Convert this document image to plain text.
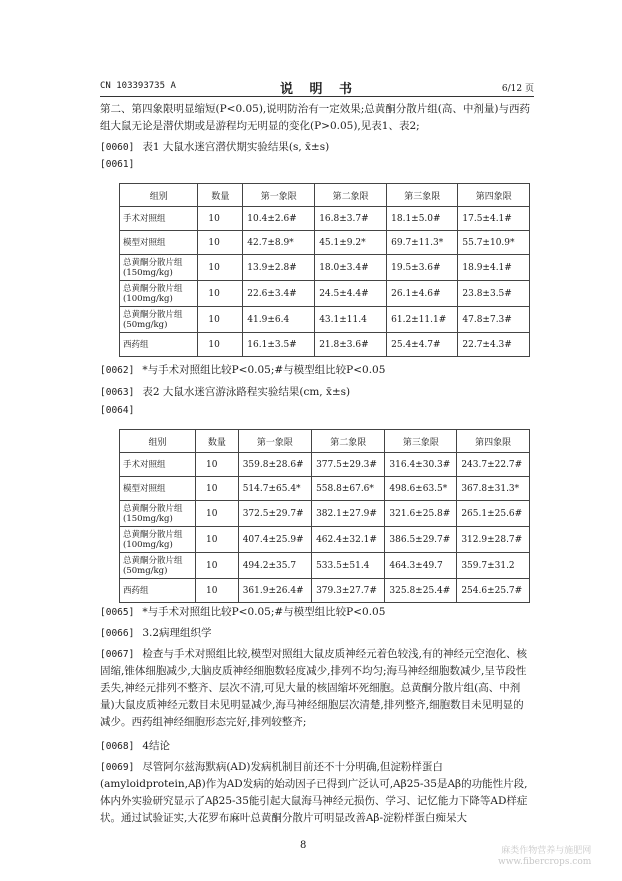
CN 103393735 A	说 明 书	6/12 页
第二、第四象限明显缩短(P<0.05),说明防治有一定效果;总黄酮分散片组(高、中剂量)与西药组大鼠无论是潜伏期或是游程均无明显的变化(P>0.05),见表1、表2;
[0060] 表1 大鼠水迷宫潜伏期实验结果(s, x̄±s)
[0061]
组别	数量	第一象限	第二象限	第三象限	第四象限
手术对照组	10	10.4±2.6#	16.8±3.7#	18.1±5.0#	17.5±4.1#
模型对照组	10	42.7±8.9*	45.1±9.2*	69.7±11.3*	55.7±10.9*
总黄酮分散片组(150mg/kg)	10	13.9±2.8#	18.0±3.4#	19.5±3.6#	18.9±4.1#
总黄酮分散片组(100mg/kg)	10	22.6±3.4#	24.5±4.4#	26.1±4.6#	23.8±3.5#
总黄酮分散片组(50mg/kg)	10	41.9±6.4	43.1±11.4	61.2±11.1#	47.8±7.3#
西药组	10	16.1±3.5#	21.8±3.6#	25.4±4.7#	22.7±4.3#
[0062] *与手术对照组比较P<0.05;#与模型组比较P<0.05
[0063] 表2 大鼠水迷宫游泳路程实验结果(cm, x̄±s)
[0064]
组别	数量	第一象限	第二象限	第三象限	第四象限
手术对照组	10	359.8±28.6#	377.5±29.3#	316.4±30.3#	243.7±22.7#
模型对照组	10	514.7±65.4*	558.8±67.6*	498.6±63.5*	367.8±31.3*
总黄酮分散片组(150mg/kg)	10	372.5±29.7#	382.1±27.9#	321.6±25.8#	265.1±25.6#
总黄酮分散片组(100mg/kg)	10	407.4±25.9#	462.4±32.1#	386.5±29.7#	312.9±28.7#
总黄酮分散片组(50mg/kg)	10	494.2±35.7	533.5±51.4	464.3±49.7	359.7±31.2
西药组	10	361.9±26.4#	379.3±27.7#	325.8±25.4#	254.6±25.7#
[0065] *与手术对照组比较P<0.05;#与模型组比较P<0.05
[0066] 3.2病理组织学
[0067] 检查与手术对照组比较,模型对照组大鼠皮质神经元着色较浅,有的神经元空泡化、核固缩,锥体细胞减少,大脑皮质神经细胞数轻度减少,排列不均匀;海马神经细胞数减少,呈节段性丢失,神经元排列不整齐、层次不清,可见大量的核固缩坏死细胞。总黄酮分散片组(高、中剂量)大鼠皮质神经元数目未见明显减少,海马神经细胞层次清楚,排列整齐,细胞数目未见明显的减少。西药组神经细胞形态完好,排列较整齐;
[0068] 4结论
[0069] 尽管阿尔兹海默病(AD)发病机制目前还不十分明确,但淀粉样蛋白(amyloidprotein,Aβ)作为AD发病的始动因子已得到广泛认可,Aβ25-35是Aβ的功能性片段,体内外实验研究显示了Aβ25-35能引起大鼠海马神经元损伤、学习、记忆能力下降等AD样症状。通过试验证实,大花罗布麻叶总黄酮分散片可明显改善Aβ-淀粉样蛋白痴呆大
8	麻类作物营养与施肥网
www.fibercrops.com
